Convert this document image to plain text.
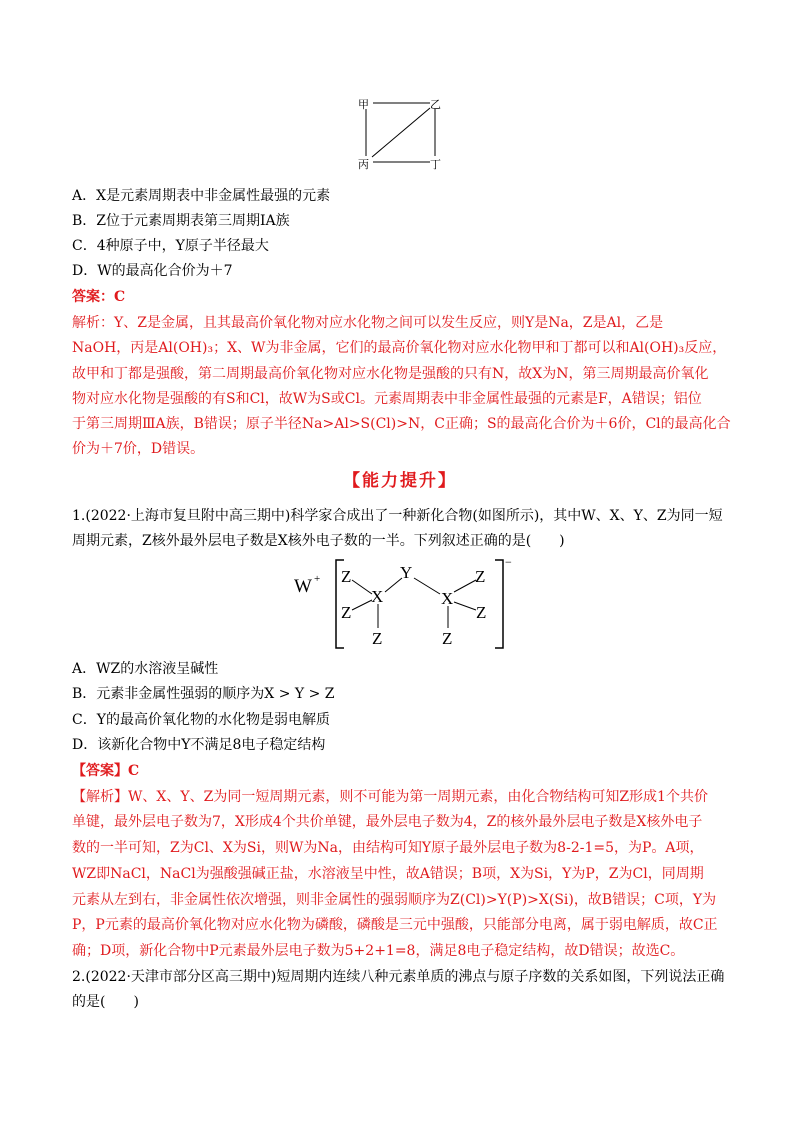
甲	乙
丙	丁
A．X是元素周期表中非金属性最强的元素
B．Z位于元素周期表第三周期ⅠA族
C．4种原子中，Y原子半径最大
D．W的最高化合价为＋7
答案：C
解析：Y、Z是金属，且其最高价氧化物对应水化物之间可以发生反应，则Y是Na，Z是Al，乙是
NaOH，丙是Al(OH)₃；X、W为非金属，它们的最高价氧化物对应水化物甲和丁都可以和Al(OH)₃反应，
故甲和丁都是强酸，第二周期最高价氧化物对应水化物是强酸的只有N，故X为N，第三周期最高价氧化
物对应水化物是强酸的有S和Cl，故W为S或Cl。元素周期表中非金属性最强的元素是F，A错误；铝位
于第三周期ⅢA族，B错误；原子半径Na>Al>S(Cl)>N，C正确；S的最高化合价为＋6价，Cl的最高化合
价为＋7价，D错误。
【能力提升】
1.(2022·上海市复旦附中高三期中)科学家合成出了一种新化合物(如图所示)，其中W、X、Y、Z为同一短
周期元素，Z核外最外层电子数是X核外电子数的一半。下列叙述正确的是(　　)
W +
−
Z
Z
X
Z
Y
X
Z
Z
Z
A．WZ的水溶液呈碱性
B．元素非金属性强弱的顺序为X > Y > Z
C．Y的最高价氧化物的水化物是弱电解质
D．该新化合物中Y不满足8电子稳定结构
【答案】C
【解析】W、X、Y、Z为同一短周期元素，则不可能为第一周期元素，由化合物结构可知Z形成1个共价
单键，最外层电子数为7，X形成4个共价单键，最外层电子数为4，Z的核外最外层电子数是X核外电子
数的一半可知，Z为Cl、X为Si，则W为Na，由结构可知Y原子最外层电子数为8-2-1=5，为P。A项，
WZ即NaCl，NaCl为强酸强碱正盐，水溶液呈中性，故A错误；B项，X为Si，Y为P，Z为Cl，同周期
元素从左到右，非金属性依次增强，则非金属性的强弱顺序为Z(Cl)>Y(P)>X(Si)，故B错误；C项，Y为
P，P元素的最高价氧化物对应水化物为磷酸，磷酸是三元中强酸，只能部分电离，属于弱电解质，故C正
确；D项，新化合物中P元素最外层电子数为5+2+1=8，满足8电子稳定结构，故D错误；故选C。
2.(2022·天津市部分区高三期中)短周期内连续八种元素单质的沸点与原子序数的关系如图，下列说法正确
的是(　　)
